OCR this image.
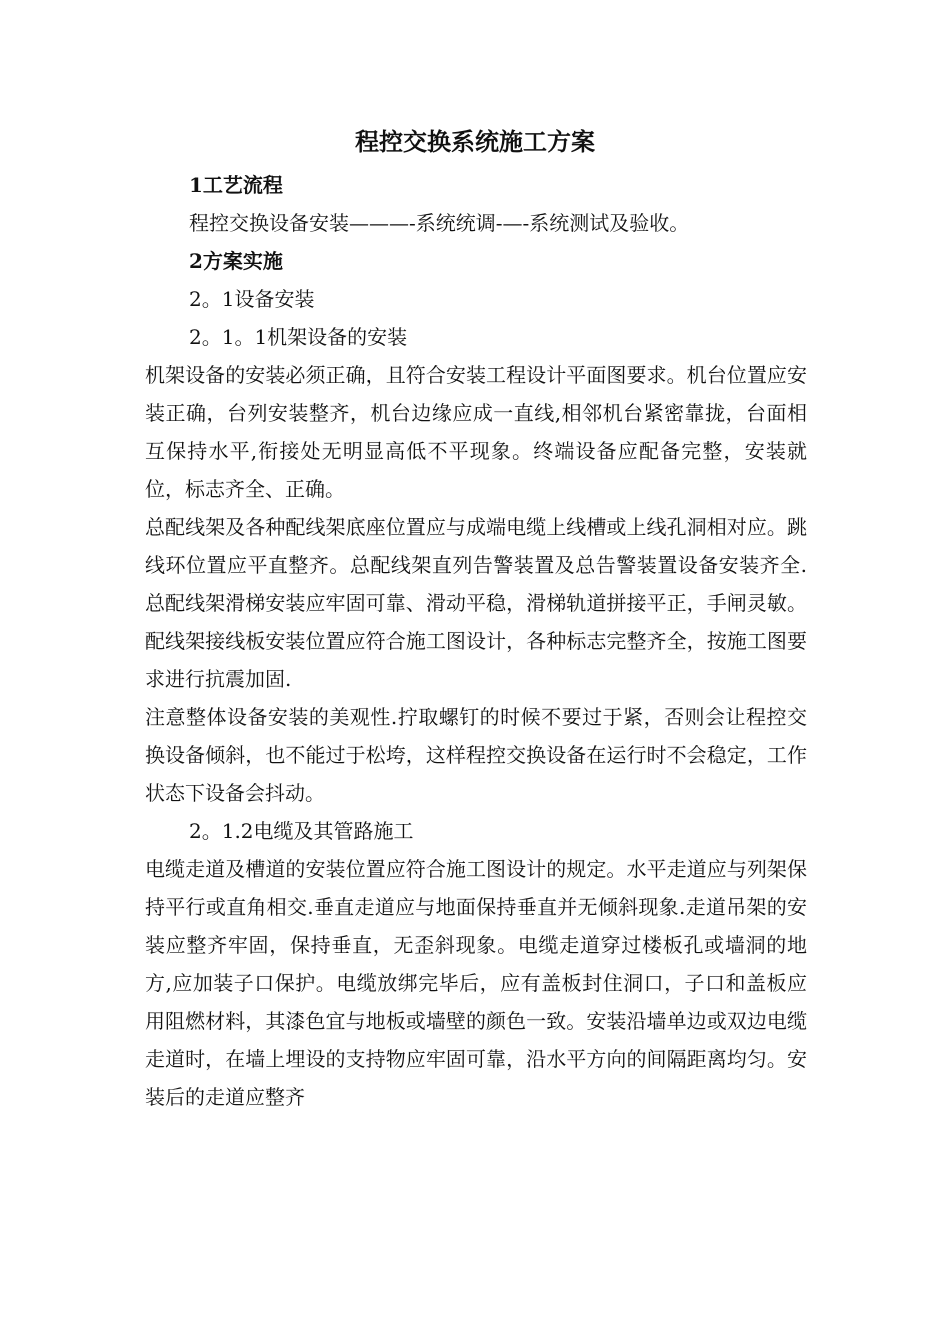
程控交换系统施工方案

1工艺流程

程控交换设备安装———-系统统调-—-系统测试及验收。

2方案实施

2。1设备安装

2。1。1机架设备的安装

机架设备的安装必须正确，且符合安装工程设计平面图要求。机台位置应安装正确，台列安装整齐，机台边缘应成一直线,相邻机台紧密靠拢，台面相互保持水平,衔接处无明显高低不平现象。终端设备应配备完整，安装就位，标志齐全、正确。

总配线架及各种配线架底座位置应与成端电缆上线槽或上线孔洞相对应。跳线环位置应平直整齐。总配线架直列告警装置及总告警装置设备安装齐全.总配线架滑梯安装应牢固可靠、滑动平稳，滑梯轨道拼接平正，手闸灵敏。配线架接线板安装位置应符合施工图设计，各种标志完整齐全，按施工图要求进行抗震加固.

注意整体设备安装的美观性.拧取螺钉的时候不要过于紧，否则会让程控交换设备倾斜，也不能过于松垮，这样程控交换设备在运行时不会稳定，工作状态下设备会抖动。

2。1.2电缆及其管路施工

电缆走道及槽道的安装位置应符合施工图设计的规定。水平走道应与列架保持平行或直角相交.垂直走道应与地面保持垂直并无倾斜现象.走道吊架的安装应整齐牢固，保持垂直，无歪斜现象。电缆走道穿过楼板孔或墙洞的地方,应加装子口保护。电缆放绑完毕后，应有盖板封住洞口，子口和盖板应用阻燃材料，其漆色宜与地板或墙壁的颜色一致。安装沿墙单边或双边电缆走道时，在墙上埋设的支持物应牢固可靠，沿水平方向的间隔距离均匀。安装后的走道应整齐
